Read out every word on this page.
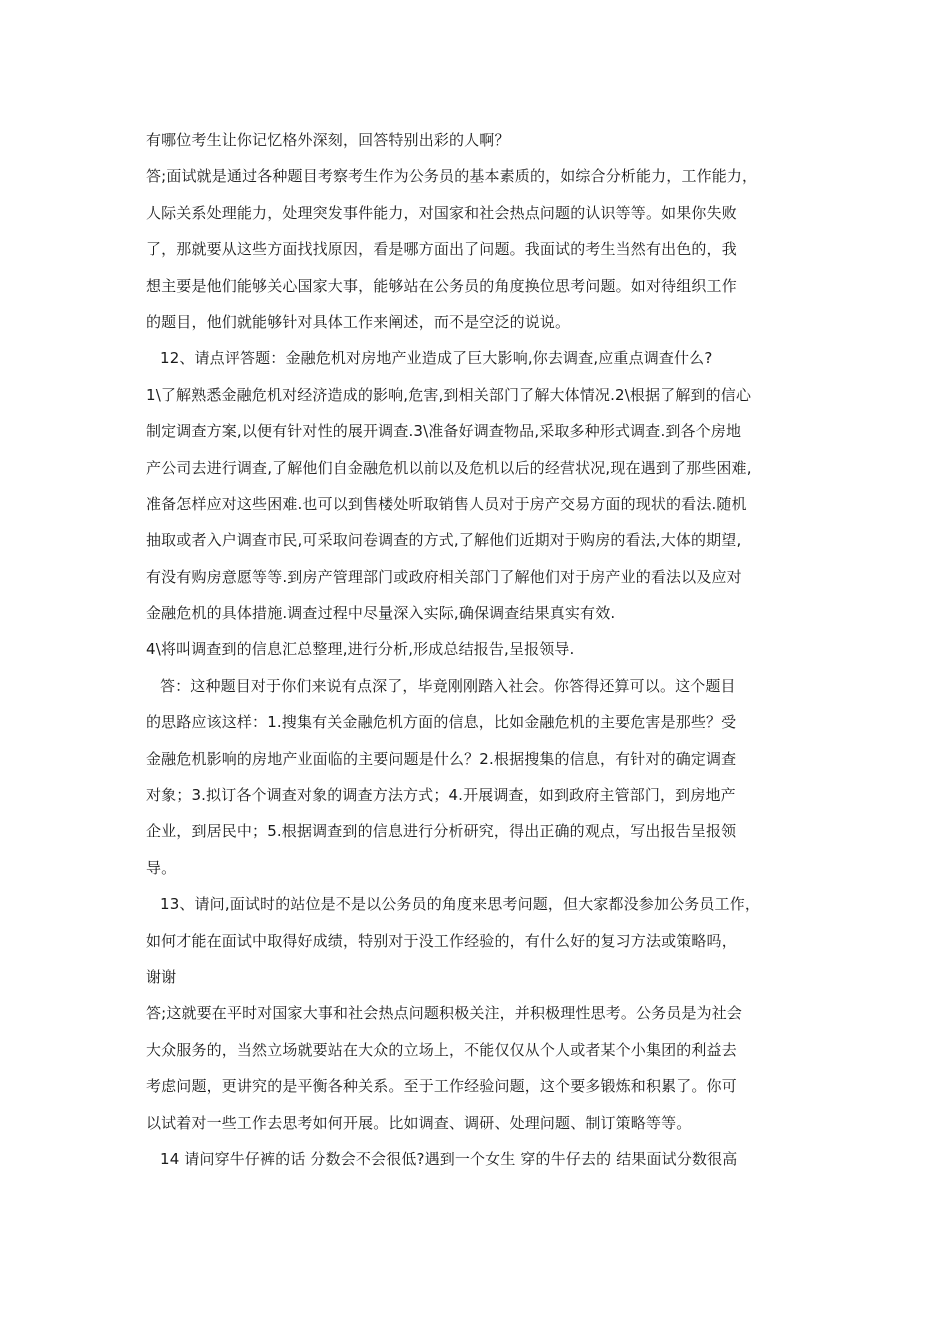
有哪位考生让你记忆格外深刻，回答特别出彩的人啊？
答;面试就是通过各种题目考察考生作为公务员的基本素质的，如综合分析能力，工作能力，
人际关系处理能力，处理突发事件能力，对国家和社会热点问题的认识等等。如果你失败
了，那就要从这些方面找找原因，看是哪方面出了问题。我面试的考生当然有出色的，我
想主要是他们能够关心国家大事，能够站在公务员的角度换位思考问题。如对待组织工作
的题目，他们就能够针对具体工作来阐述，而不是空泛的说说。
12、请点评答题：金融危机对房地产业造成了巨大影响,你去调查,应重点调查什么?
1\了解熟悉金融危机对经济造成的影响,危害,到相关部门了解大体情况.2\根据了解到的信心
制定调查方案,以便有针对性的展开调查.3\准备好调查物品,采取多种形式调查.到各个房地
产公司去进行调查,了解他们自金融危机以前以及危机以后的经营状况,现在遇到了那些困难,
准备怎样应对这些困难.也可以到售楼处听取销售人员对于房产交易方面的现状的看法.随机
抽取或者入户调查市民,可采取问卷调查的方式,了解他们近期对于购房的看法,大体的期望,
有没有购房意愿等等.到房产管理部门或政府相关部门了解他们对于房产业的看法以及应对
金融危机的具体措施.调查过程中尽量深入实际,确保调查结果真实有效.
4\将叫调查到的信息汇总整理,进行分析,形成总结报告,呈报领导.
答：这种题目对于你们来说有点深了，毕竟刚刚踏入社会。你答得还算可以。这个题目
的思路应该这样：1.搜集有关金融危机方面的信息，比如金融危机的主要危害是那些？受
金融危机影响的房地产业面临的主要问题是什么？2.根据搜集的信息，有针对的确定调查
对象；3.拟订各个调查对象的调查方法方式；4.开展调查，如到政府主管部门，到房地产
企业，到居民中；5.根据调查到的信息进行分析研究，得出正确的观点，写出报告呈报领
导。
13、请问,面试时的站位是不是以公务员的角度来思考问题，但大家都没参加公务员工作，
如何才能在面试中取得好成绩，特别对于没工作经验的，有什么好的复习方法或策略吗，
谢谢
答;这就要在平时对国家大事和社会热点问题积极关注，并积极理性思考。公务员是为社会
大众服务的，当然立场就要站在大众的立场上，不能仅仅从个人或者某个小集团的利益去
考虑问题，更讲究的是平衡各种关系。至于工作经验问题，这个要多锻炼和积累了。你可
以试着对一些工作去思考如何开展。比如调查、调研、处理问题、制订策略等等。
14 请问穿牛仔裤的话 分数会不会很低?遇到一个女生 穿的牛仔去的 结果面试分数很高
